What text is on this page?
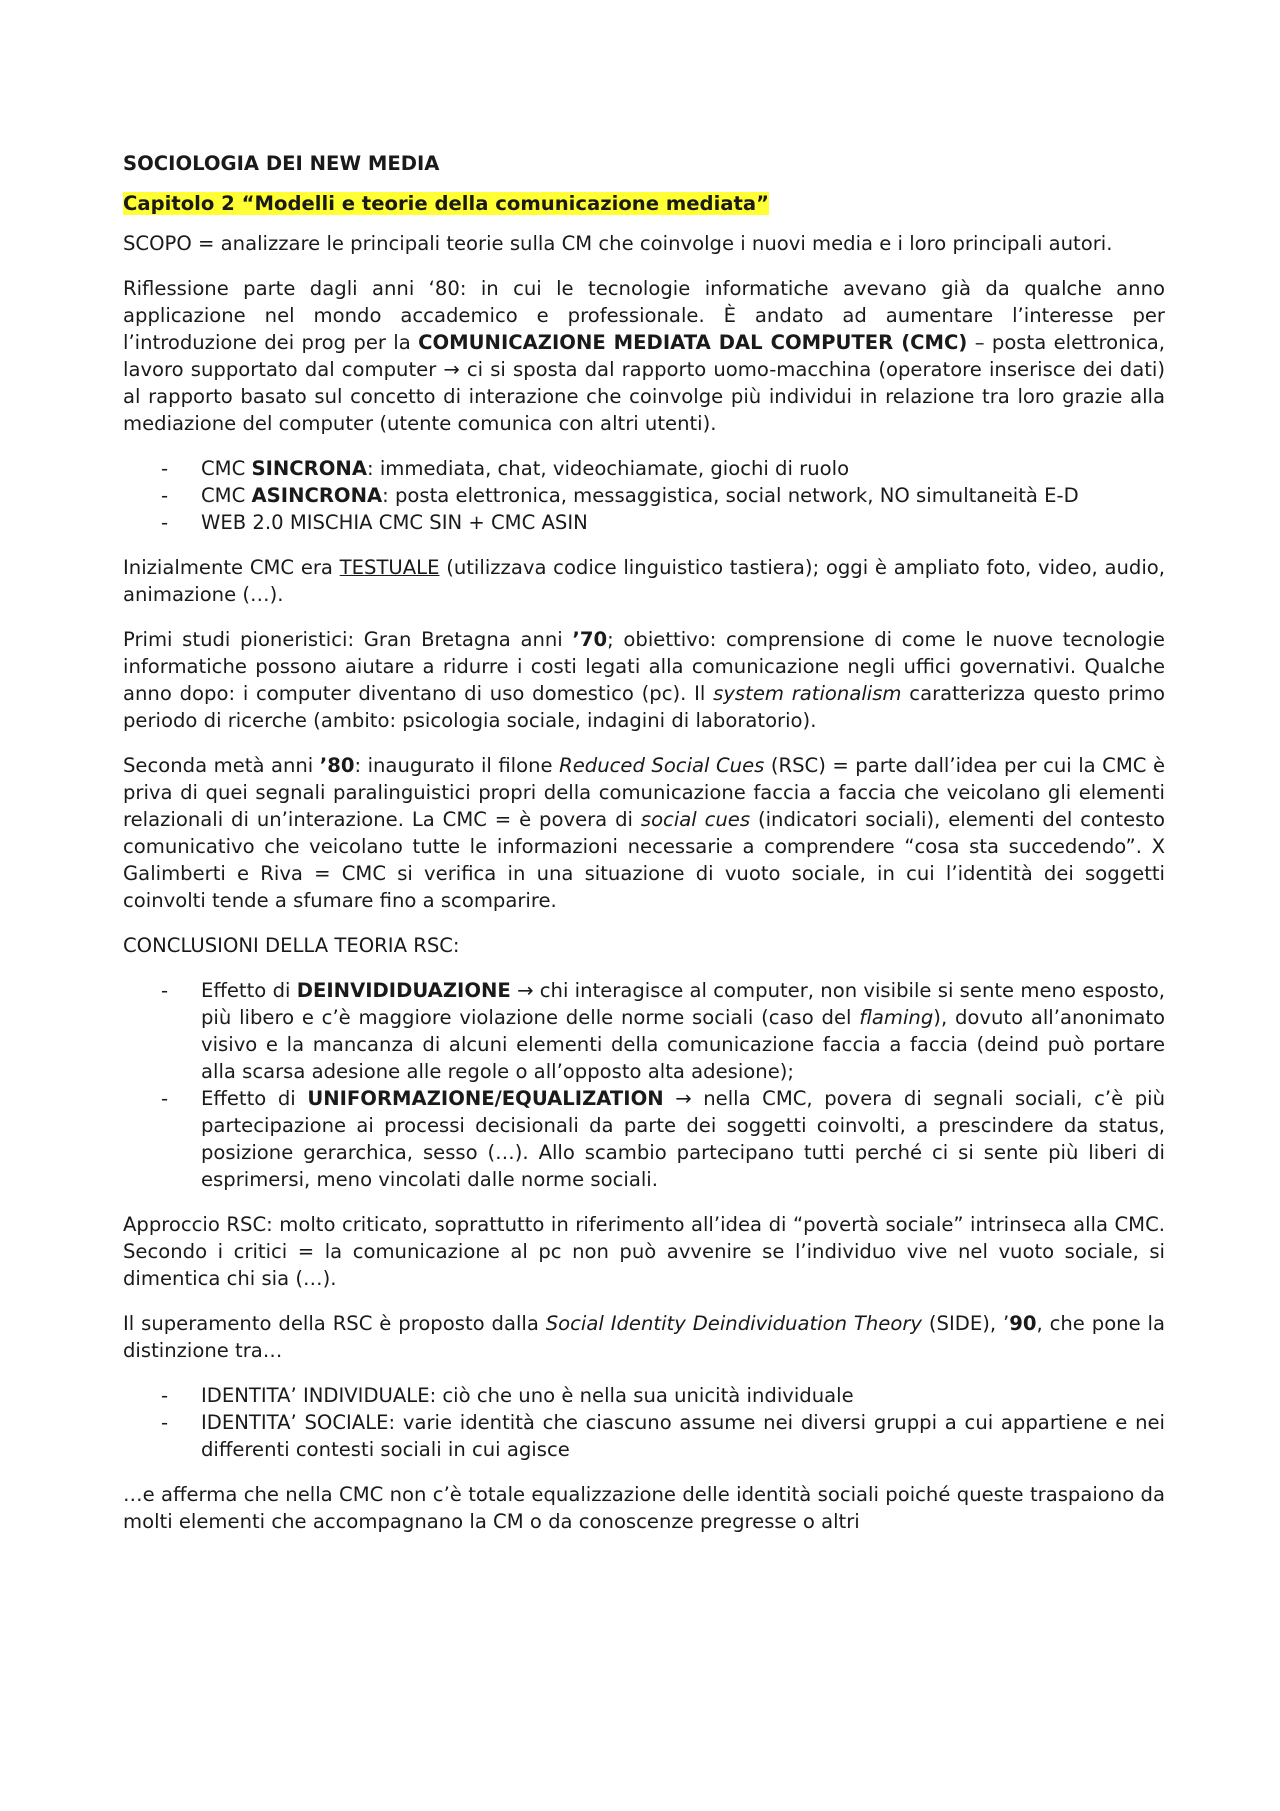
SOCIOLOGIA DEI NEW MEDIA

Capitolo 2 “Modelli e teorie della comunicazione mediata”

SCOPO = analizzare le principali teorie sulla CM che coinvolge i nuovi media e i loro principali autori.

Riflessione parte dagli anni ‘80: in cui le tecnologie informatiche avevano già da qualche anno applicazione nel mondo accademico e professionale. È andato ad aumentare l’interesse per l’introduzione dei prog per la COMUNICAZIONE MEDIATA DAL COMPUTER (CMC) – posta elettronica, lavoro supportato dal computer → ci si sposta dal rapporto uomo-macchina (operatore inserisce dei dati) al rapporto basato sul concetto di interazione che coinvolge più individui in relazione tra loro grazie alla mediazione del computer (utente comunica con altri utenti).

- CMC SINCRONA: immediata, chat, videochiamate, giochi di ruolo
- CMC ASINCRONA: posta elettronica, messaggistica, social network, NO simultaneità E-D
- WEB 2.0 MISCHIA CMC SIN + CMC ASIN

Inizialmente CMC era TESTUALE (utilizzava codice linguistico tastiera); oggi è ampliato foto, video, audio, animazione (…).

Primi studi pioneristici: Gran Bretagna anni ’70; obiettivo: comprensione di come le nuove tecnologie informatiche possono aiutare a ridurre i costi legati alla comunicazione negli uffici governativi. Qualche anno dopo: i computer diventano di uso domestico (pc). Il system rationalism caratterizza questo primo periodo di ricerche (ambito: psicologia sociale, indagini di laboratorio).

Seconda metà anni ’80: inaugurato il filone Reduced Social Cues (RSC) = parte dall’idea per cui la CMC è priva di quei segnali paralinguistici propri della comunicazione faccia a faccia che veicolano gli elementi relazionali di un’interazione. La CMC = è povera di social cues (indicatori sociali), elementi del contesto comunicativo che veicolano tutte le informazioni necessarie a comprendere “cosa sta succedendo”. X Galimberti e Riva = CMC si verifica in una situazione di vuoto sociale, in cui l’identità dei soggetti coinvolti tende a sfumare fino a scomparire.

CONCLUSIONI DELLA TEORIA RSC:

- Effetto di DEINVIDIDUAZIONE → chi interagisce al computer, non visibile si sente meno esposto, più libero e c’è maggiore violazione delle norme sociali (caso del flaming), dovuto all’anonimato visivo e la mancanza di alcuni elementi della comunicazione faccia a faccia (deind può portare alla scarsa adesione alle regole o all’opposto alta adesione);
- Effetto di UNIFORMAZIONE/EQUALIZATION → nella CMC, povera di segnali sociali, c’è più partecipazione ai processi decisionali da parte dei soggetti coinvolti, a prescindere da status, posizione gerarchica, sesso (…). Allo scambio partecipano tutti perché ci si sente più liberi di esprimersi, meno vincolati dalle norme sociali.

Approccio RSC: molto criticato, soprattutto in riferimento all’idea di “povertà sociale” intrinseca alla CMC. Secondo i critici = la comunicazione al pc non può avvenire se l’individuo vive nel vuoto sociale, si dimentica chi sia (…).

Il superamento della RSC è proposto dalla Social Identity Deindividuation Theory (SIDE), ’90, che pone la distinzione tra…

- IDENTITA’ INDIVIDUALE: ciò che uno è nella sua unicità individuale
- IDENTITA’ SOCIALE: varie identità che ciascuno assume nei diversi gruppi a cui appartiene e nei differenti contesti sociali in cui agisce

…e afferma che nella CMC non c’è totale equalizzazione delle identità sociali poiché queste traspaiono da molti elementi che accompagnano la CM o da conoscenze pregresse o altri
